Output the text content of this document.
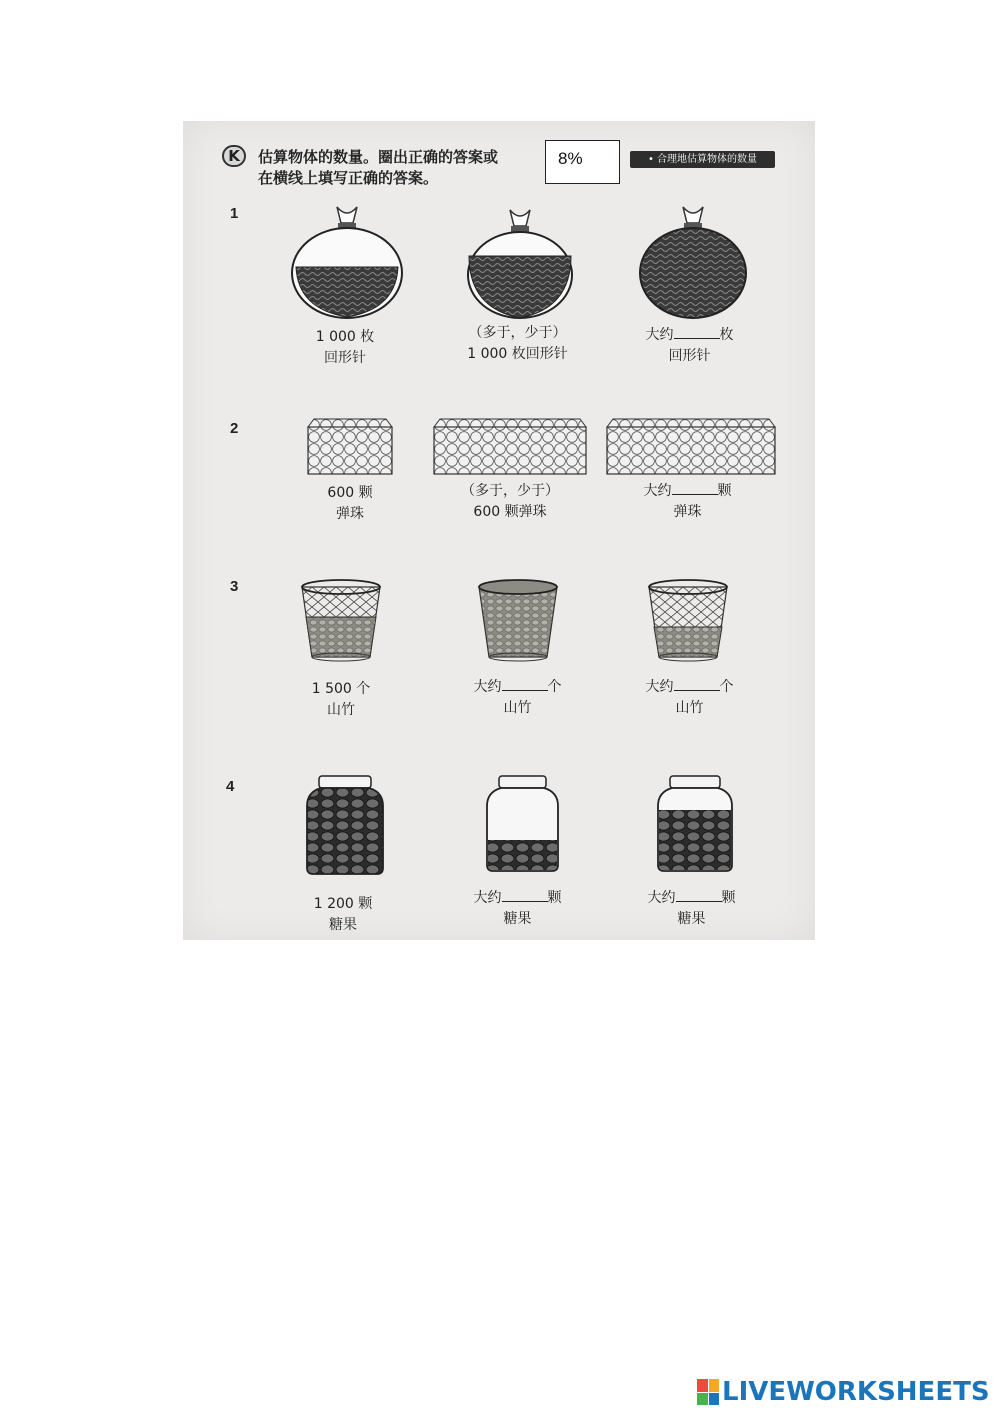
K	估算物体的数量。圈出正确的答案或
在横线上填写正确的答案。
8%	• 合理地估算物体的数量
1
1 000 枚
回形针
（多于，少于）
1 000 枚回形针
大约	枚
回形针
2
600 颗
弹珠
（多于，少于）
600 颗弹珠
大约	颗
弹珠
3
1 500 个
山竹
大约	个
山竹
大约	个
山竹
4
1 200 颗
糖果
大约	颗
糖果
大约	颗
糖果
LIVEWORKSHEETS
